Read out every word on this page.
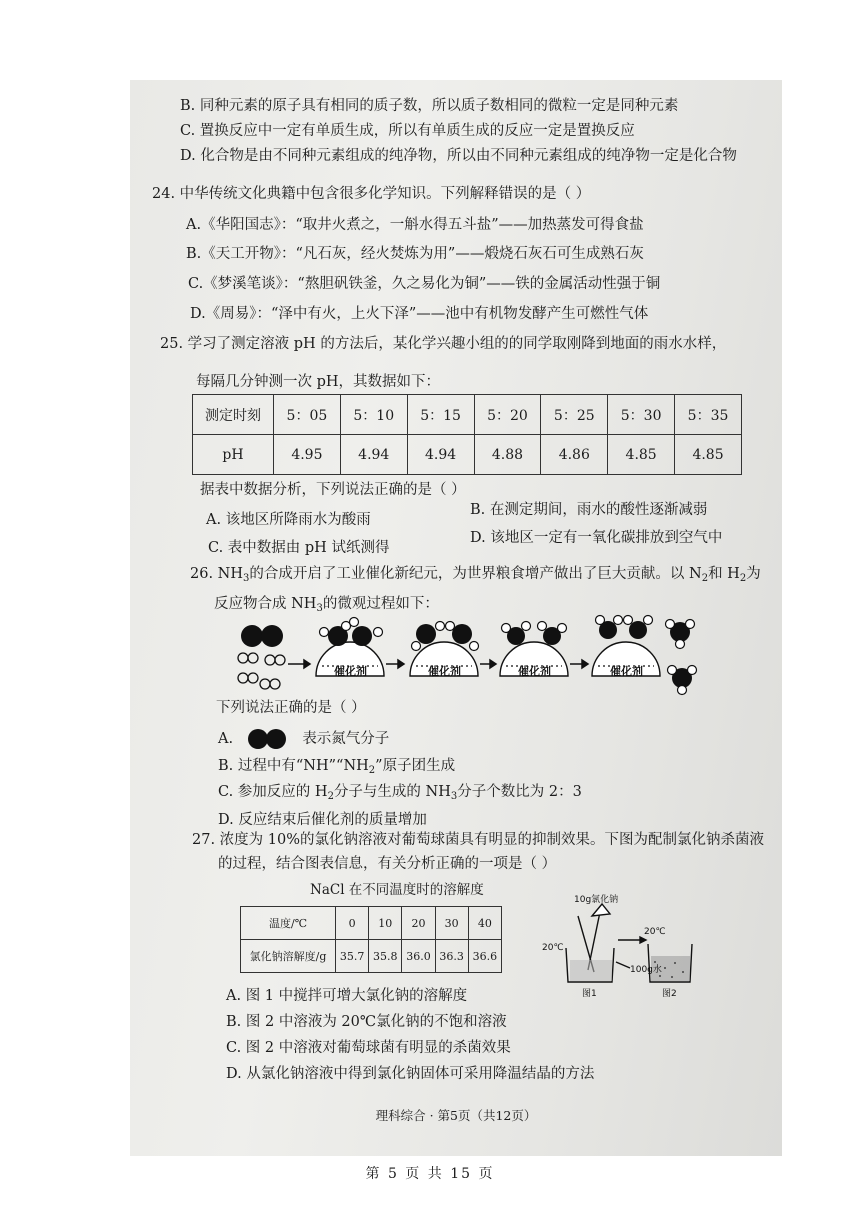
B. 同种元素的原子具有相同的质子数，所以质子数相同的微粒一定是同种元素
C. 置换反应中一定有单质生成，所以有单质生成的反应一定是置换反应
D. 化合物是由不同种元素组成的纯净物，所以由不同种元素组成的纯净物一定是化合物
24. 中华传统文化典籍中包含很多化学知识。下列解释错误的是（ ）
A.《华阳国志》：“取井火煮之，一斛水得五斗盐”——加热蒸发可得食盐
B.《天工开物》：“凡石灰，经火焚炼为用”——煅烧石灰石可生成熟石灰
C.《梦溪笔谈》：“熬胆矾铁釜，久之易化为铜”——铁的金属活动性强于铜
D.《周易》：“泽中有火，上火下泽”——池中有机物发酵产生可燃性气体
25. 学习了测定溶液 pH 的方法后，某化学兴趣小组的的同学取刚降到地面的雨水水样，
每隔几分钟测一次 pH，其数据如下：
测定时刻	5：05	5：10	5：15	5：20	5：25	5：30	5：35
pH	4.95	4.94	4.94	4.88	4.86	4.85	4.85
据表中数据分析，下列说法正确的是（ ）
A. 该地区所降雨水为酸雨
B. 在测定期间，雨水的酸性逐渐减弱
C. 表中数据由 pH 试纸测得
D. 该地区一定有一氧化碳排放到空气中
26. $NH_3$的合成开启了工业催化新纪元，为世界粮食增产做出了巨大贡献。以 $N_2$和 $H_2$为
反应物合成 $NH_3$的微观过程如下：
催化剂	催化剂	催化剂	催化剂
下列说法正确的是（ ）
A.	表示氮气分子
B. 过程中有“$NH”“NH_2$”原子团生成
C. 参加反应的 $H_2$分子与生成的 $NH_3$分子个数比为 2：3
D. 反应结束后催化剂的质量增加
27. 浓度为 10%的氯化钠溶液对葡萄球菌具有明显的抑制效果。下图为配制氯化钠杀菌液
的过程，结合图表信息，有关分析正确的一项是（ ）
NaCl 在不同温度时的溶解度
温度/℃	0	10	20	30	40
氯化钠溶解度/g	35.7	35.8	36.0	36.3	36.6
10g氯化钠
20℃
20℃
100g水
图1	图2
A. 图 1 中搅拌可增大氯化钠的溶解度
B. 图 2 中溶液为 20℃氯化钠的不饱和溶液
C. 图 2 中溶液对葡萄球菌有明显的杀菌效果
D. 从氯化钠溶液中得到氯化钠固体可采用降温结晶的方法
理科综合 · 第5页（共12页）
第 5 页 共 15 页
